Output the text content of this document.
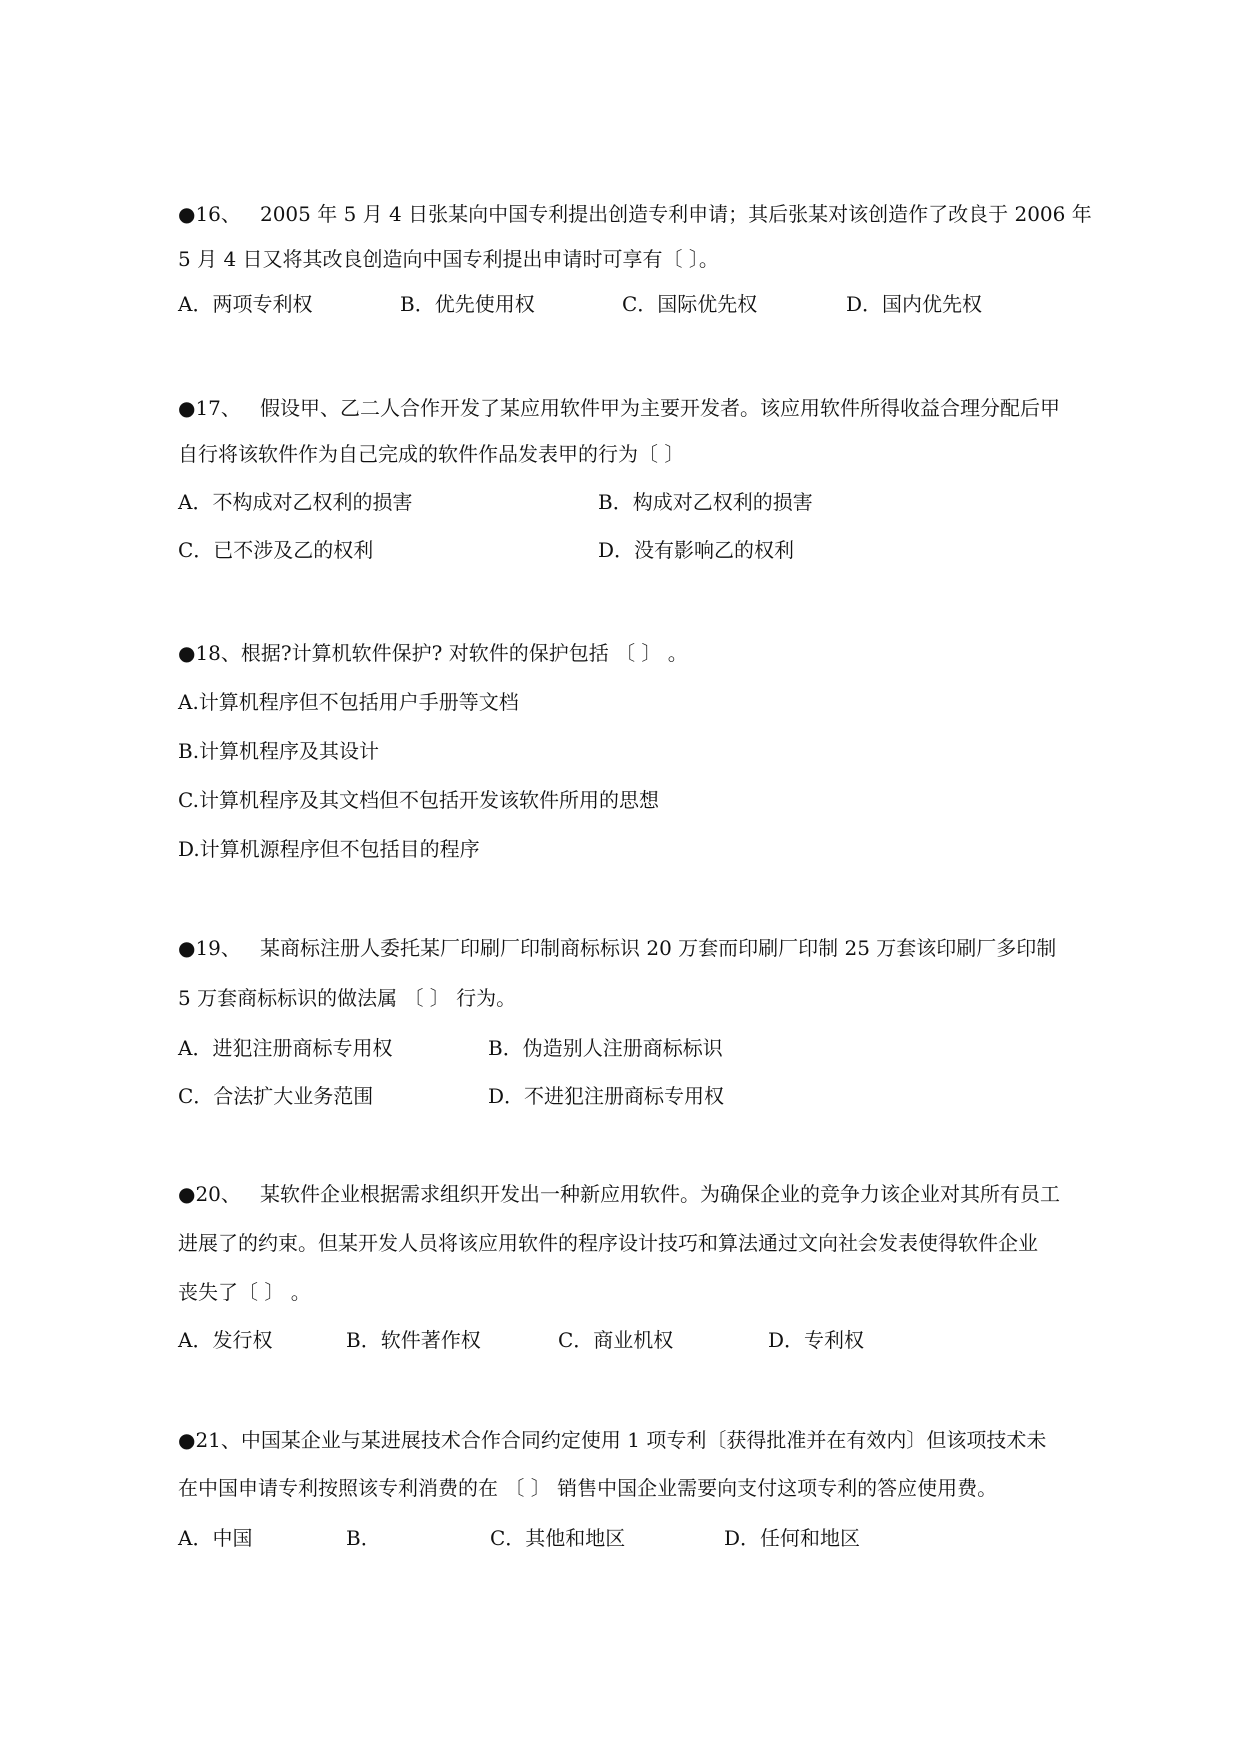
●16、 2005 年 5 月 4 日张某向中国专利提出创造专利申请；其后张某对该创造作了改良于 2006 年
5 月 4 日又将其改良创造向中国专利提出申请时可享有〔 〕。
A．两项专利权	B．优先使用权	C．国际优先权	D．国内优先权
●17、 假设甲、乙二人合作开发了某应用软件甲为主要开发者。该应用软件所得收益合理分配后甲
自行将该软件作为自己完成的软件作品发表甲的行为〔 〕
A．不构成对乙权利的损害	B．构成对乙权利的损害
C．已不涉及乙的权利	D．没有影响乙的权利
●18、根据?计算机软件保护? 对软件的保护包括 〔 〕 。
A.计算机程序但不包括用户手册等文档
B.计算机程序及其设计
C.计算机程序及其文档但不包括开发该软件所用的思想
D.计算机源程序但不包括目的程序
●19、 某商标注册人委托某厂印刷厂印制商标标识 20 万套而印刷厂印制 25 万套该印刷厂多印制
5 万套商标标识的做法属 〔 〕 行为。
A．进犯注册商标专用权	B．伪造别人注册商标标识
C．合法扩大业务范围	D．不进犯注册商标专用权
●20、 某软件企业根据需求组织开发出一种新应用软件。为确保企业的竞争力该企业对其所有员工
进展了的约束。但某开发人员将该应用软件的程序设计技巧和算法通过文向社会发表使得软件企业
丧失了〔 〕 。
A．发行权	B．软件著作权	C．商业机权	D．专利权
●21、中国某企业与某进展技术合作合同约定使用 1 项专利〔获得批准并在有效内〕但该项技术未
在中国申请专利按照该专利消费的在 〔 〕 销售中国企业需要向支付这项专利的答应使用费。
A．中国	B．	C．其他和地区	D．任何和地区
